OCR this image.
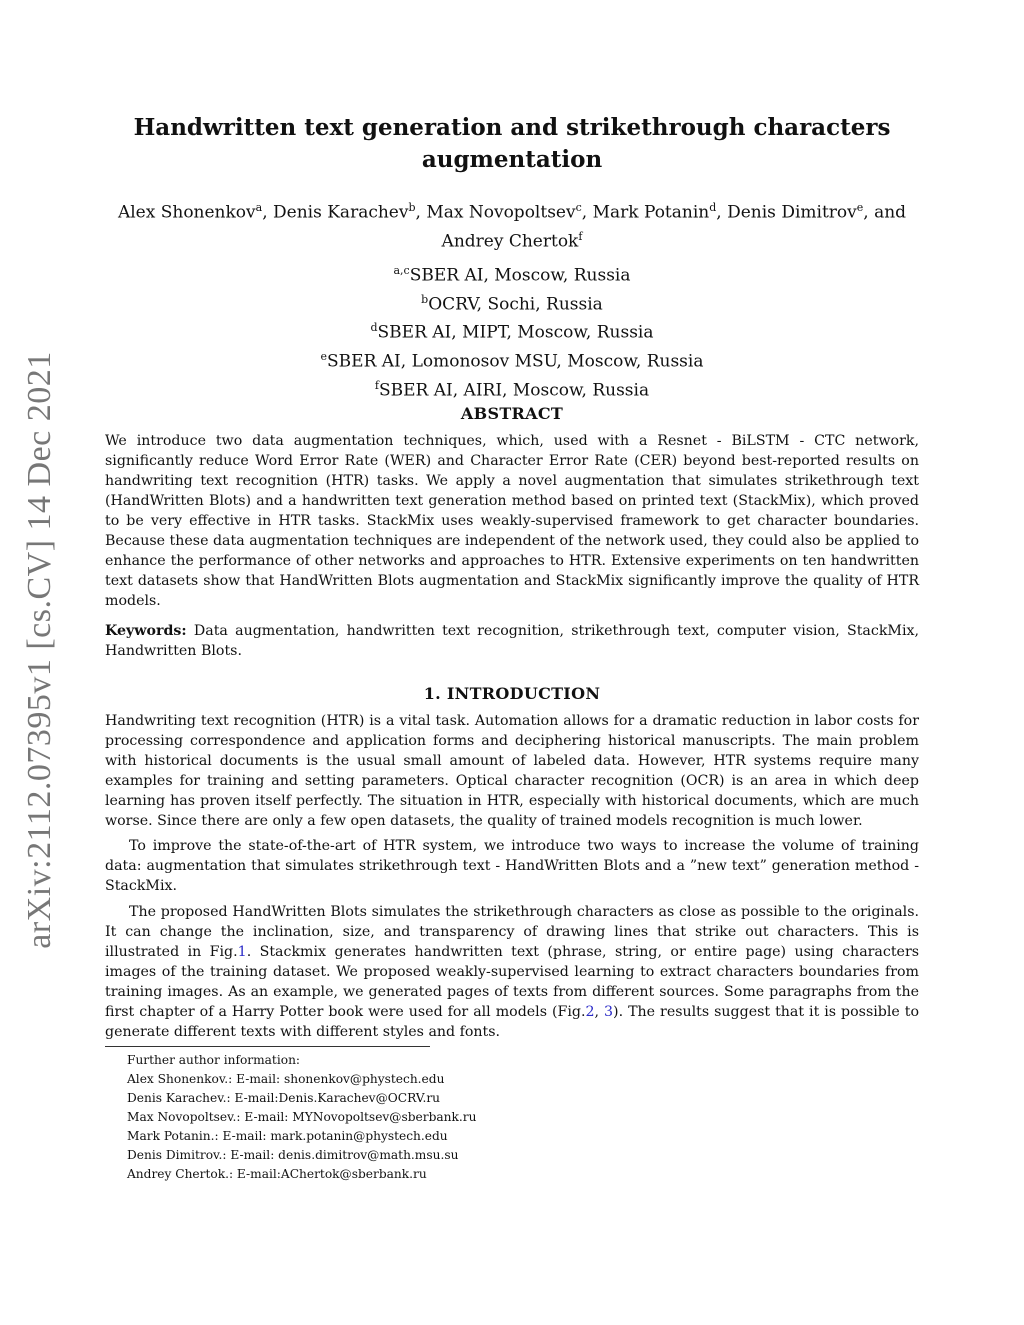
arXiv:2112.07395v1 [cs.CV] 14 Dec 2021
Handwritten text generation and strikethrough characters augmentation
Alex Shonenkov$^a$, Denis Karachev$^b$, Max Novopoltsev$^c$, Mark Potanin$^d$, Denis Dimitrov$^e$, and
Andrey Chertok$^f$
$^{a,c}$SBER AI, Moscow, Russia
$^b$OCRV, Sochi, Russia
$^d$SBER AI, MIPT, Moscow, Russia
$^e$SBER AI, Lomonosov MSU, Moscow, Russia
$^f$SBER AI, AIRI, Moscow, Russia
ABSTRACT

We introduce two data augmentation techniques, which, used with a Resnet - BiLSTM - CTC network, significantly reduce Word Error Rate (WER) and Character Error Rate (CER) beyond best-reported results on handwriting text recognition (HTR) tasks. We apply a novel augmentation that simulates strikethrough text (HandWritten Blots) and a handwritten text generation method based on printed text (StackMix), which proved to be very effective in HTR tasks. StackMix uses weakly-supervised framework to get character boundaries. Because these data augmentation techniques are independent of the network used, they could also be applied to enhance the performance of other networks and approaches to HTR. Extensive experiments on ten handwritten text datasets show that HandWritten Blots augmentation and StackMix significantly improve the quality of HTR models.

Keywords: Data augmentation, handwritten text recognition, strikethrough text, computer vision, StackMix, Handwritten Blots.

1. INTRODUCTION

Handwriting text recognition (HTR) is a vital task. Automation allows for a dramatic reduction in labor costs for processing correspondence and application forms and deciphering historical manuscripts. The main problem with historical documents is the usual small amount of labeled data. However, HTR systems require many examples for training and setting parameters. Optical character recognition (OCR) is an area in which deep learning has proven itself perfectly. The situation in HTR, especially with historical documents, which are much worse. Since there are only a few open datasets, the quality of trained models recognition is much lower.

To improve the state-of-the-art of HTR system, we introduce two ways to increase the volume of training data: augmentation that simulates strikethrough text - HandWritten Blots and a ”new text” generation method - StackMix.

The proposed HandWritten Blots simulates the strikethrough characters as close as possible to the originals. It can change the inclination, size, and transparency of drawing lines that strike out characters. This is illustrated in Fig.1. Stackmix generates handwritten text (phrase, string, or entire page) using characters images of the training dataset. We proposed weakly-supervised learning to extract characters boundaries from training images. As an example, we generated pages of texts from different sources. Some paragraphs from the first chapter of a Harry Potter book were used for all models (Fig.2, 3). The results suggest that it is possible to generate different texts with different styles and fonts.

Further author information:
Alex Shonenkov.: E-mail: shonenkov@phystech.edu
Denis Karachev.: E-mail:Denis.Karachev@OCRV.ru
Max Novopoltsev.: E-mail: MYNovopoltsev@sberbank.ru
Mark Potanin.: E-mail: mark.potanin@phystech.edu
Denis Dimitrov.: E-mail: denis.dimitrov@math.msu.su
Andrey Chertok.: E-mail:AChertok@sberbank.ru
